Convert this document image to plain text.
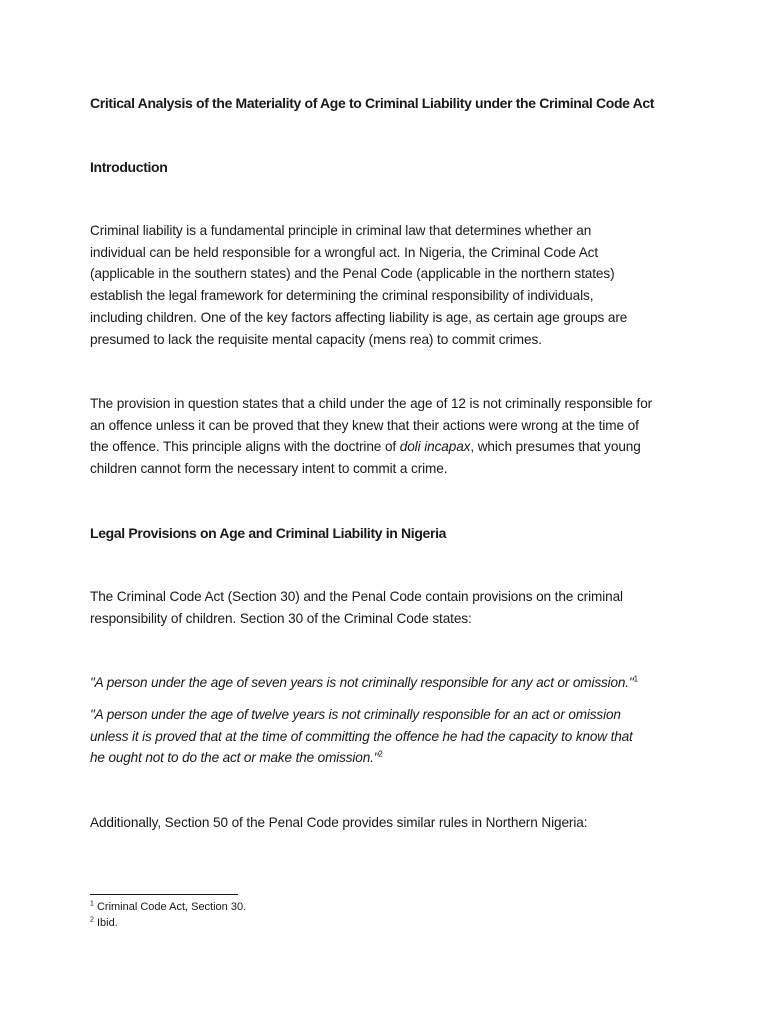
Critical Analysis of the Materiality of Age to Criminal Liability under the Criminal Code Act
Introduction

Criminal liability is a fundamental principle in criminal law that determines whether an
individual can be held responsible for a wrongful act. In Nigeria, the Criminal Code Act
(applicable in the southern states) and the Penal Code (applicable in the northern states)
establish the legal framework for determining the criminal responsibility of individuals,
including children. One of the key factors affecting liability is age, as certain age groups are
presumed to lack the requisite mental capacity (mens rea) to commit crimes.

The provision in question states that a child under the age of 12 is not criminally responsible for
an offence unless it can be proved that they knew that their actions were wrong at the time of
the offence. This principle aligns with the doctrine of doli incapax, which presumes that young
children cannot form the necessary intent to commit a crime.

Legal Provisions on Age and Criminal Liability in Nigeria

The Criminal Code Act (Section 30) and the Penal Code contain provisions on the criminal
responsibility of children. Section 30 of the Criminal Code states:

"A person under the age of seven years is not criminally responsible for any act or omission."$^1$

"A person under the age of twelve years is not criminally responsible for an act or omission
unless it is proved that at the time of committing the offence he had the capacity to know that
he ought not to do the act or make the omission."$^2$

Additionally, Section 50 of the Penal Code provides similar rules in Northern Nigeria:

$^1$ Criminal Code Act, Section 30.
$^2$ Ibid.
